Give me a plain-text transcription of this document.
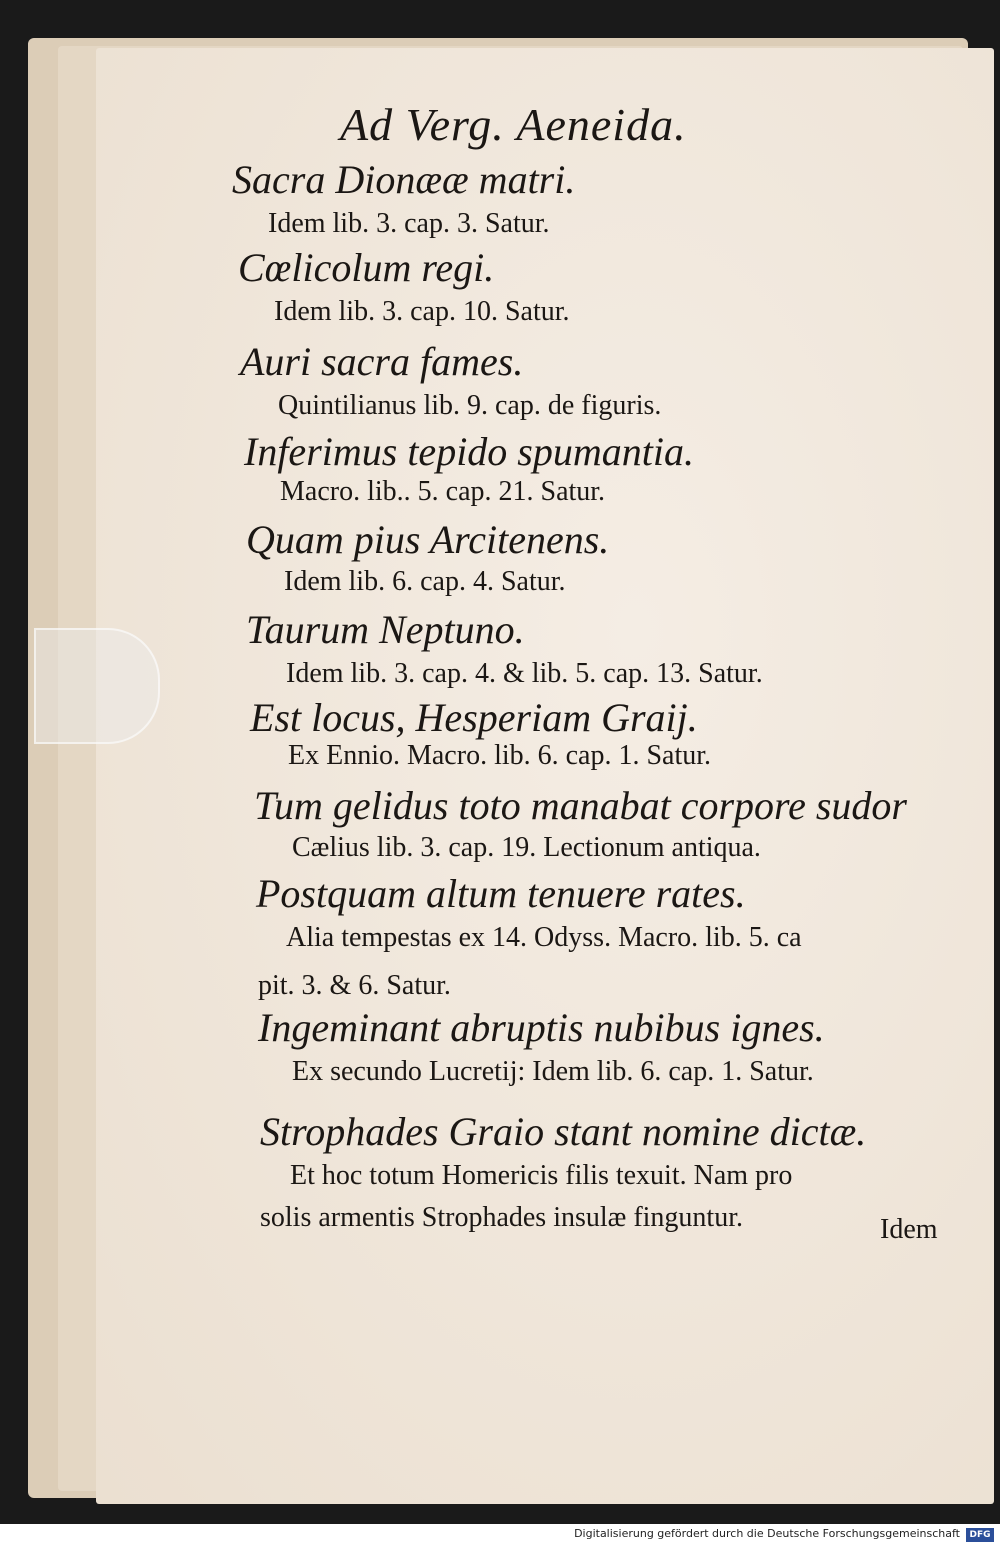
Ad Verg. Aeneida.
Sacra Dionææ matri.
Idem lib. 3. cap. 3. Satur.
Cœlicolum regi.
Idem lib. 3. cap. 10. Satur.
Auri sacra fames.
Quintilianus lib. 9. cap. de figuris.
Inferimus tepido spumantia.
Macro. lib.. 5. cap. 21. Satur.
Quam pius Arcitenens.
Idem lib. 6. cap. 4. Satur.
Taurum Neptuno.
Idem lib. 3. cap. 4. & lib. 5. cap. 13. Satur.
Est locus, Hesperiam Graij.
Ex Ennio. Macro. lib. 6. cap. 1. Satur.
Tum gelidus toto manabat corpore sudor
Cælius lib. 3. cap. 19. Lectionum antiqua.
Postquam altum tenuere rates.
Alia tempestas ex 14. Odyss. Macro. lib. 5. ca
pit. 3. & 6. Satur.
Ingeminant abruptis nubibus ignes.
Ex secundo Lucretij: Idem lib. 6. cap. 1. Satur.
Strophades Graio stant nomine dictæ.
Et hoc totum Homericis filis texuit. Nam pro
solis armentis Strophades insulæ finguntur.	Idem
Digitalisierung gefördert durch die Deutsche Forschungsgemeinschaft	DFG
